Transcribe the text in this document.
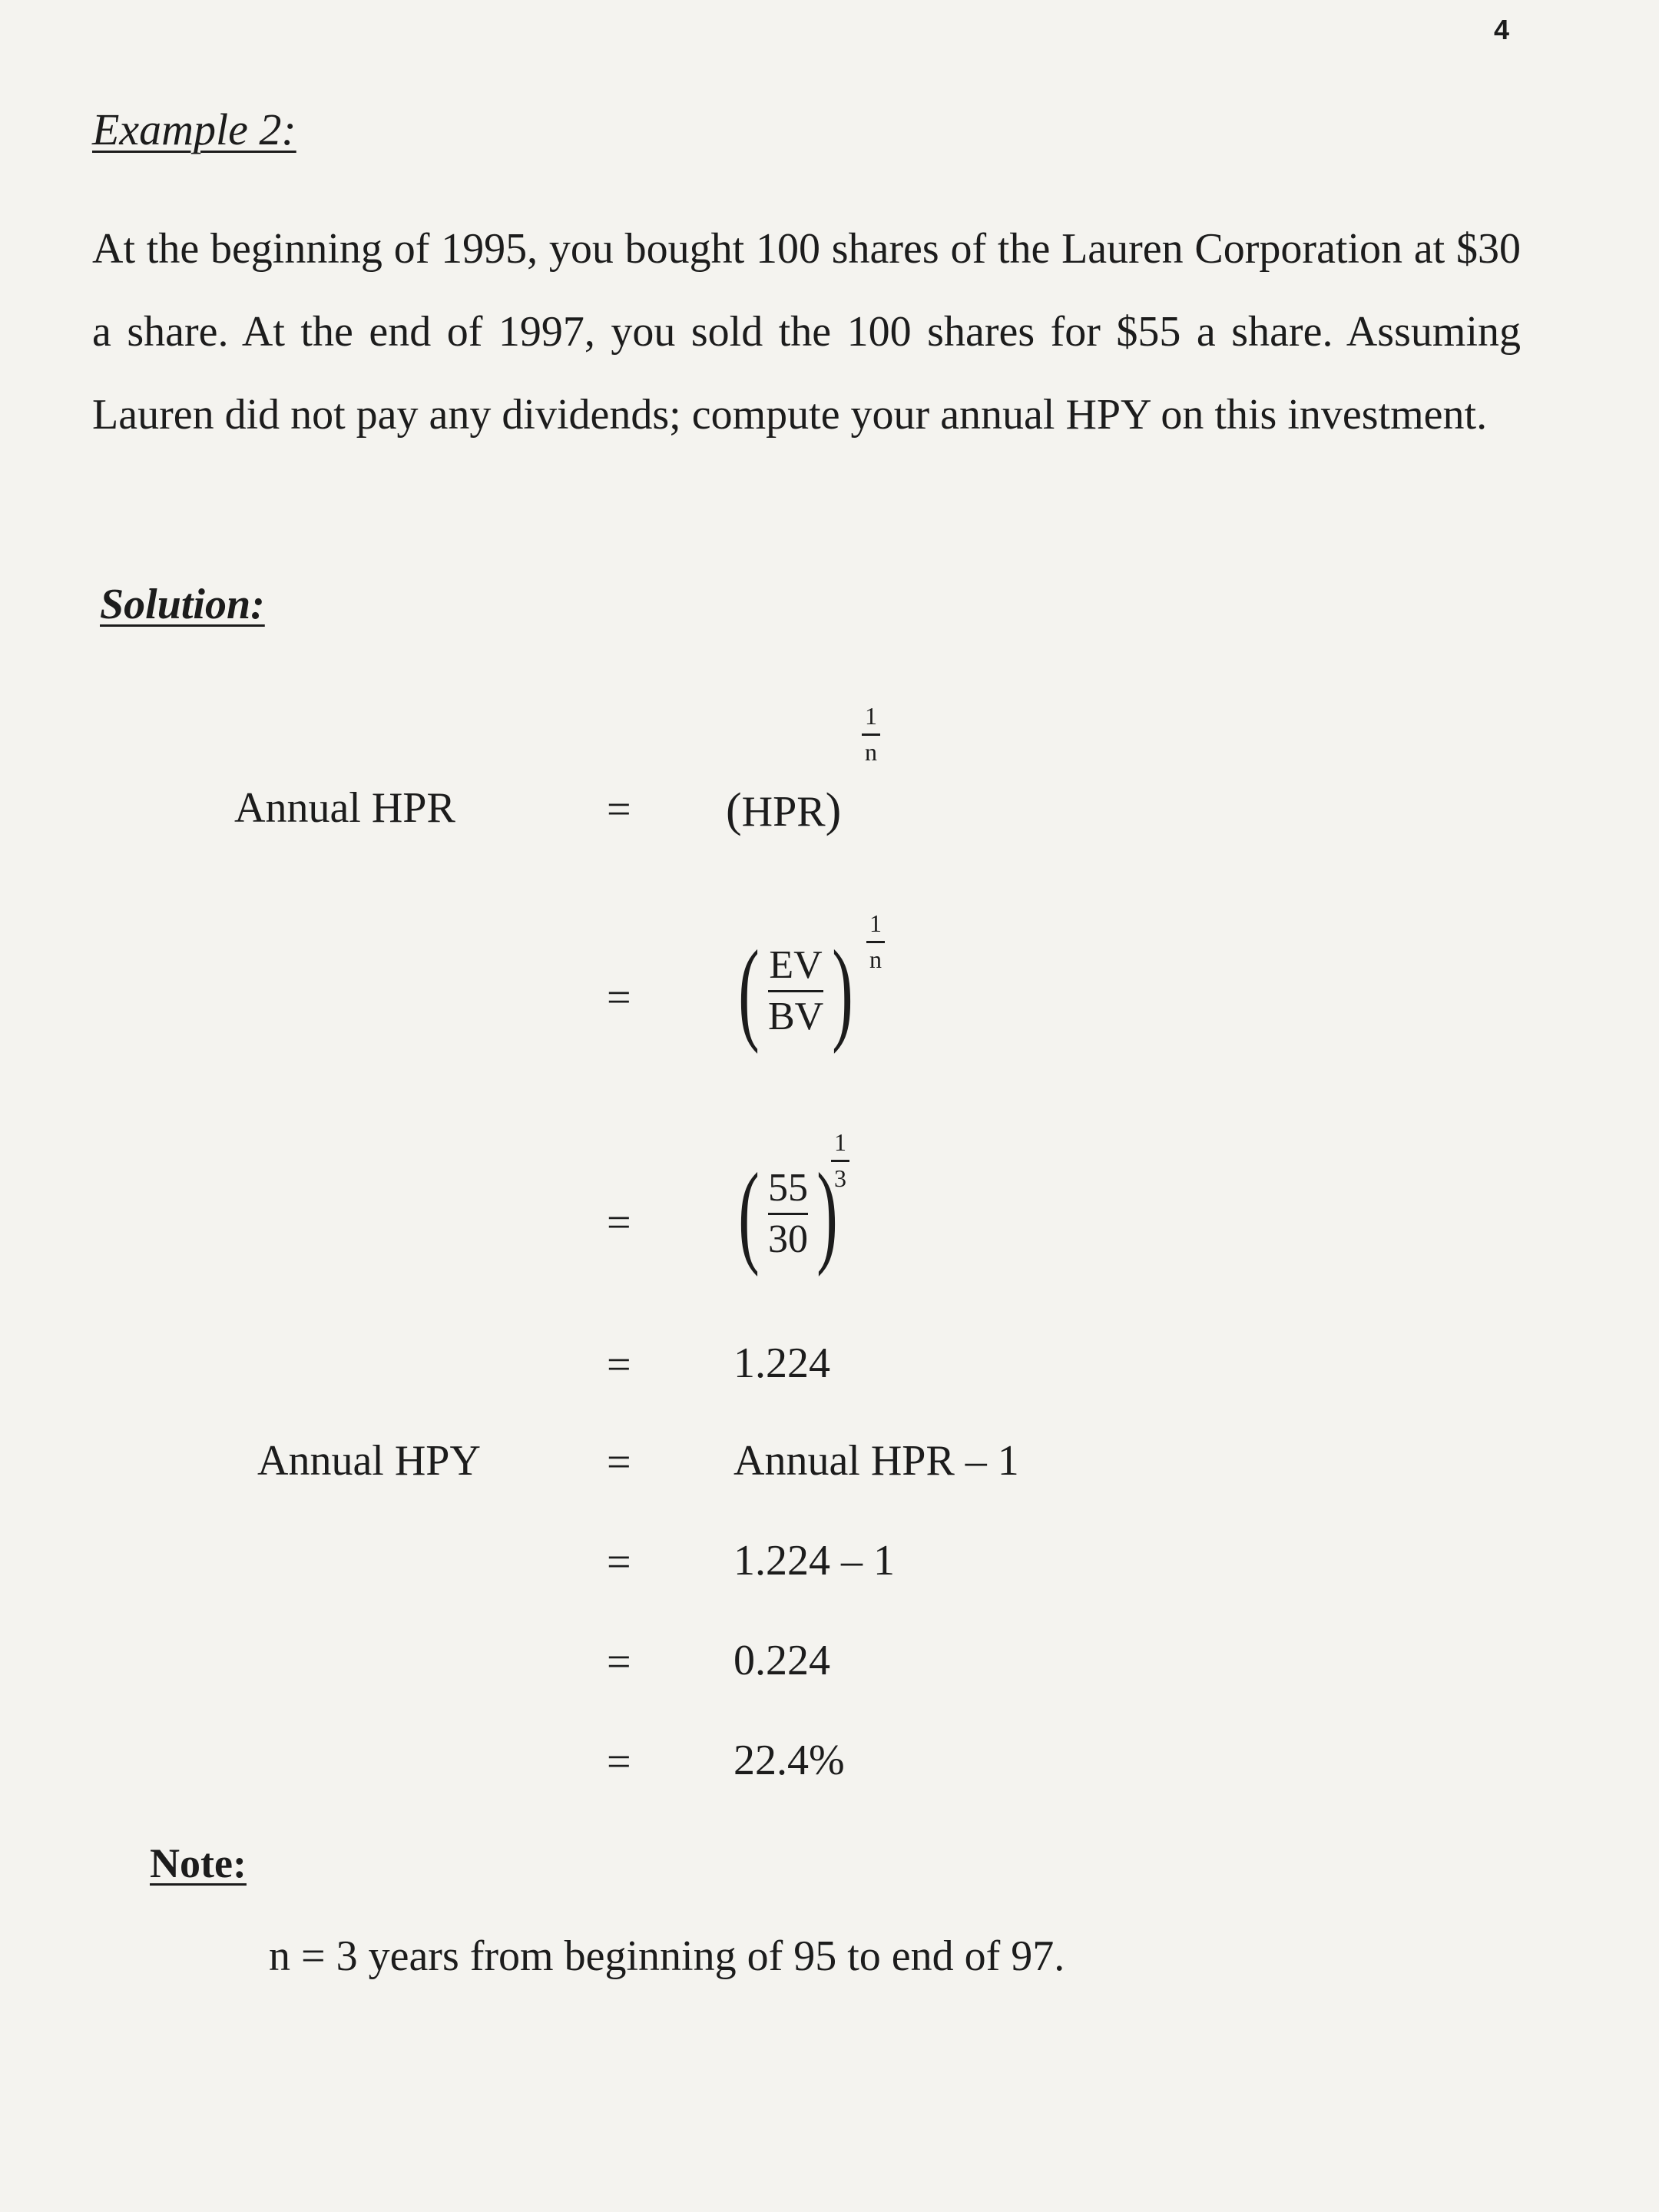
4
Example 2:

At the beginning of 1995, you bought 100 shares of the Lauren Corporation at $30 a share. At the end of 1997, you sold the 100 shares for $55 a share. Assuming Lauren did not pay any dividends; compute your annual HPY on this investment.

Solution:
Annual HPR	= (HPR)
1
n
= ( $\frac{EV}{BV}$ )
1
n
= ( $\frac{55}{30}$ )
1
3
= 1.224
Annual HPY	= Annual HPR – 1
= 1.224 – 1
= 0.224
= 22.4%
Note:
n = 3 years from beginning of 95 to end of 97.
